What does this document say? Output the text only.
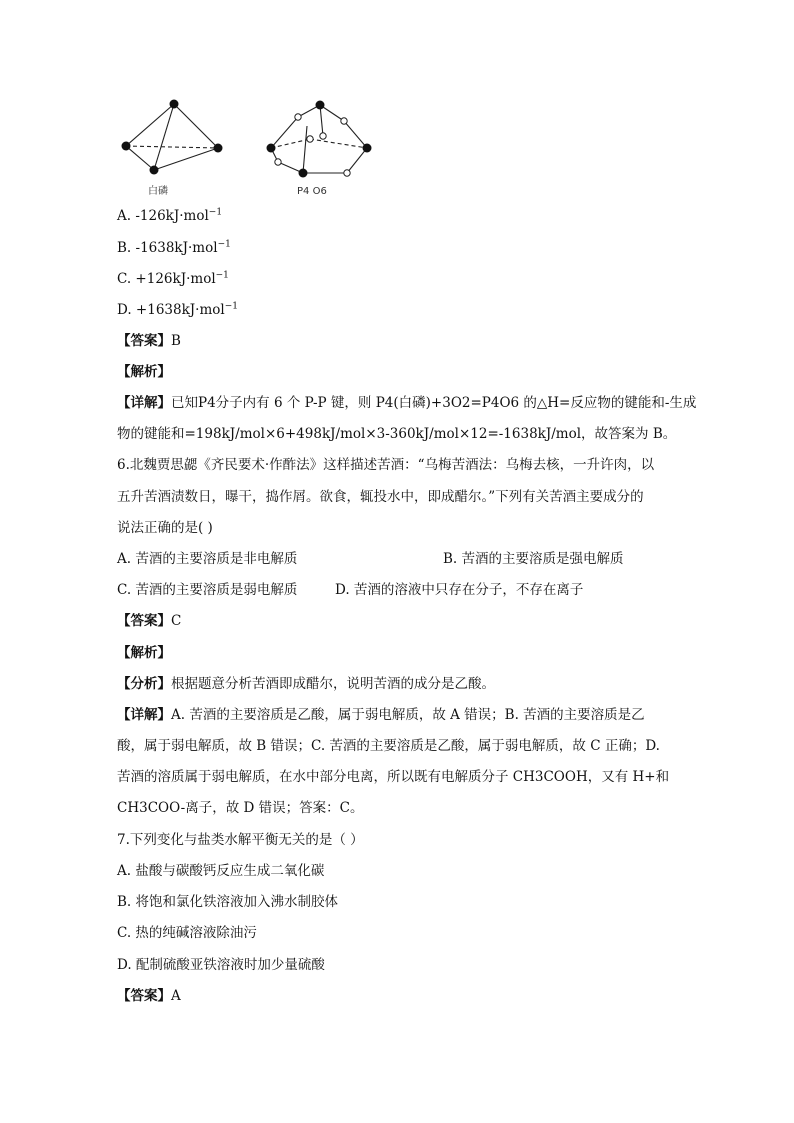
白磷	P4 O6
A. -126kJ·mol$^{-1}$
B. -1638kJ·mol$^{-1}$
C. +126kJ·mol$^{-1}$
D. +1638kJ·mol$^{-1}$
【答案】B
【解析】
【详解】已知P4分子内有 6 个 P-P 键，则 P4(白磷)+3O2=P4O6 的△H=反应物的键能和-生成
物的键能和=198kJ/mol×6+498kJ/mol×3-360kJ/mol×12=-1638kJ/mol，故答案为 B。
6.北魏贾思勰《齐民要术·作酢法》这样描述苦酒：“乌梅苦酒法：乌梅去核，一升许肉，以
五升苦酒渍数日，曝干，捣作屑。欲食，辄投水中，即成醋尔。”下列有关苦酒主要成分的
说法正确的是( )
A. 苦酒的主要溶质是非电解质	B. 苦酒的主要溶质是强电解质
C. 苦酒的主要溶质是弱电解质	D. 苦酒的溶液中只存在分子，不存在离子
【答案】C
【解析】
【分析】根据题意分析苦酒即成醋尔，说明苦酒的成分是乙酸。
【详解】A. 苦酒的主要溶质是乙酸，属于弱电解质，故 A 错误；B. 苦酒的主要溶质是乙
酸，属于弱电解质，故 B 错误；C. 苦酒的主要溶质是乙酸，属于弱电解质，故 C 正确；D.
苦酒的溶质属于弱电解质，在水中部分电离，所以既有电解质分子 CH3COOH，又有 H+和
CH3COO-离子，故 D 错误；答案：C。
7.下列变化与盐类水解平衡无关的是（ ）
A. 盐酸与碳酸钙反应生成二氧化碳
B. 将饱和氯化铁溶液加入沸水制胶体
C. 热的纯碱溶液除油污
D. 配制硫酸亚铁溶液时加少量硫酸
【答案】A
